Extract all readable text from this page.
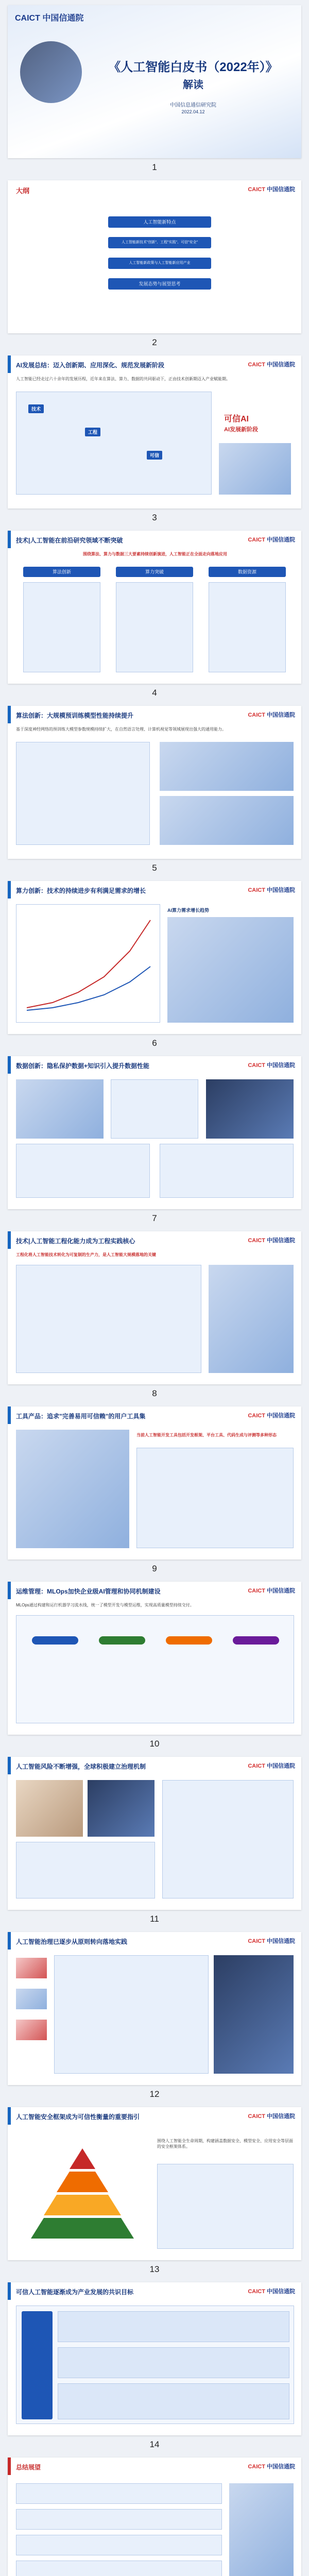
CAICT 中国信通院
《人工智能白皮书（2022年）》
解读
中国信息通信研究院
2022.04.12
1
大纲	CAICT 中国信通院
人工智能新特点
人工智能新技术"创新"、工程"实践"、可信"安全"
人工智能新政策与人工智能新应用产业
发展态势与展望思考
2
AI发展总结：迈入创新期、应用深化、规范发展新阶段	CAICT 中国信通院
人工智能已经走过六十余年的发展历程，近年来在算法、算力、数据的共同驱动下，正由技术创新期迈入产业赋能期。
技术
工程
可信
可信AI
AI发展新阶段
3
技术|人工智能在前沿研究领域不断突破	CAICT 中国信通院
围绕算法、算力与数据三大要素持续创新演进，人工智能正在全面走向落地应用
算法创新	算力突破	数据资源
4
算法创新：大规模预训练模型性能持续提升	CAICT 中国信通院
基于深度神经网络的预训练大模型参数规模持续扩大，在自然语言处理、计算机视觉等领域展现出强大的通用能力。
5
算力创新：技术的持续进步有利满足需求的增长	CAICT 中国信通院
AI算力需求增长趋势
6
数据创新：隐私保护数据+知识引入提升数据性能	CAICT 中国信通院
7
技术|人工智能工程化能力成为工程实践核心	CAICT 中国信通院
工程化将人工智能技术转化为可复制的生产力，是人工智能大规模落地的关键
8
工具产品：追求"完善易用可信赖"的用户工具集	CAICT 中国信通院
当前人工智能开发工具包括开发框架、平台工具、代码生成与评测等多种形态
9
运维管理：MLOps加快企业级AI管理和协同机制建设	CAICT 中国信通院
MLOps通过构建和运行机器学习流水线，统一了模型开发与模型运维，实现高质量模型持续交付。
10
人工智能风险不断增强，全球积极建立治理机制	CAICT 中国信通院
11
人工智能治理已逐步从原则转向落地实践	CAICT 中国信通院
12
人工智能安全框架成为可信性衡量的重要指引	CAICT 中国信通院
围绕人工智能全生命周期，构建涵盖数据安全、模型安全、应用安全等层面的安全框架体系。
13
可信人工智能逐渐成为产业发展的共识目标	CAICT 中国信通院
14
总结展望	CAICT 中国信通院
